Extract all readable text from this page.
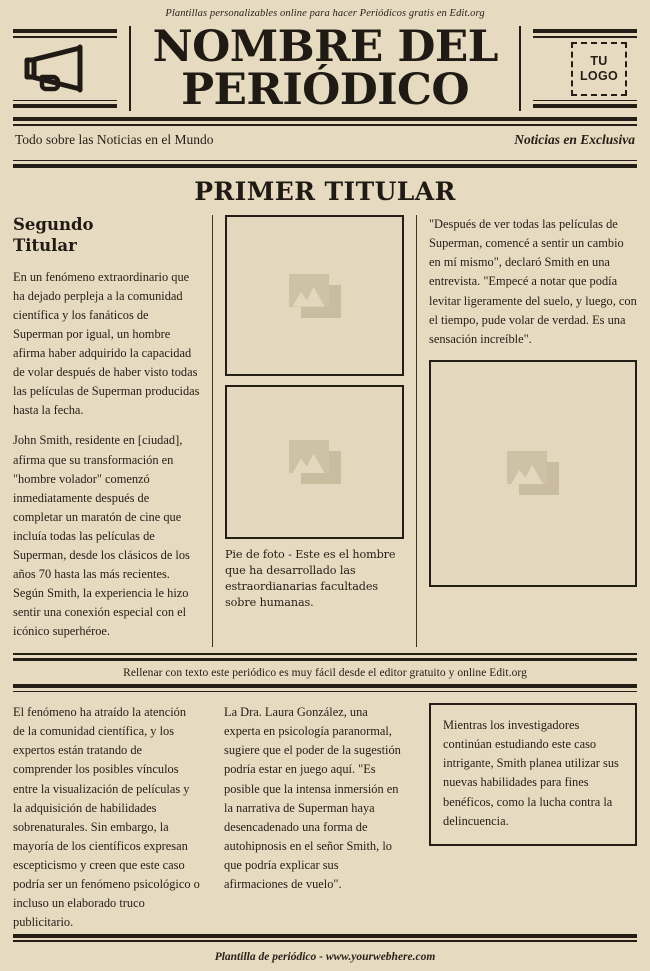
Plantillas personalizables online para hacer Periódicos gratis en Edit.org
NOMBRE DEL
PERIÓDICO
TU
LOGO
Todo sobre las Noticias en el Mundo	Noticias en Exclusiva
PRIMER TITULAR
Segundo
Titular

En un fenómeno extraordinario que ha dejado perpleja a la comunidad científica y los fanáticos de Superman por igual, un hombre afirma haber adquirido la capacidad de volar después de haber visto todas las películas de Superman producidas hasta la fecha.

John Smith, residente en [ciudad], afirma que su transformación en "hombre volador" comenzó inmediatamente después de completar un maratón de cine que incluía todas las películas de Superman, desde los clásicos de los años 70 hasta las más recientes. Según Smith, la experiencia le hizo sentir una conexión especial con el icónico superhéroe.

Pie de foto - Este es el hombre que ha desarrollado las estraordianarias facultades sobre humanas.

"Después de ver todas las películas de Superman, comencé a sentir un cambio en mí mismo", declaró Smith en una entrevista. "Empecé a notar que podía levitar ligeramente del suelo, y luego, con el tiempo, pude volar de verdad. Es una sensación increíble".

Rellenar con texto este periódico es muy fácil desde el editor gratuito y online Edit.org

El fenómeno ha atraído la atención de la comunidad científica, y los expertos están tratando de comprender los posibles vínculos entre la visualización de películas y la adquisición de habilidades sobrenaturales. Sin embargo, la mayoría de los científicos expresan escepticismo y creen que este caso podría ser un fenómeno psicológico o incluso un elaborado truco publicitario.

La Dra. Laura González, una experta en psicología paranormal, sugiere que el poder de la sugestión podría estar en juego aquí. "Es posible que la intensa inmersión en la narrativa de Superman haya desencadenado una forma de autohipnosis en el señor Smith, lo que podría explicar sus afirmaciones de vuelo".

Mientras los investigadores continúan estudiando este caso intrigante, Smith planea utilizar sus nuevas habilidades para fines benéficos, como la lucha contra la delincuencia.

Plantilla de periódico - www.yourwebhere.com
